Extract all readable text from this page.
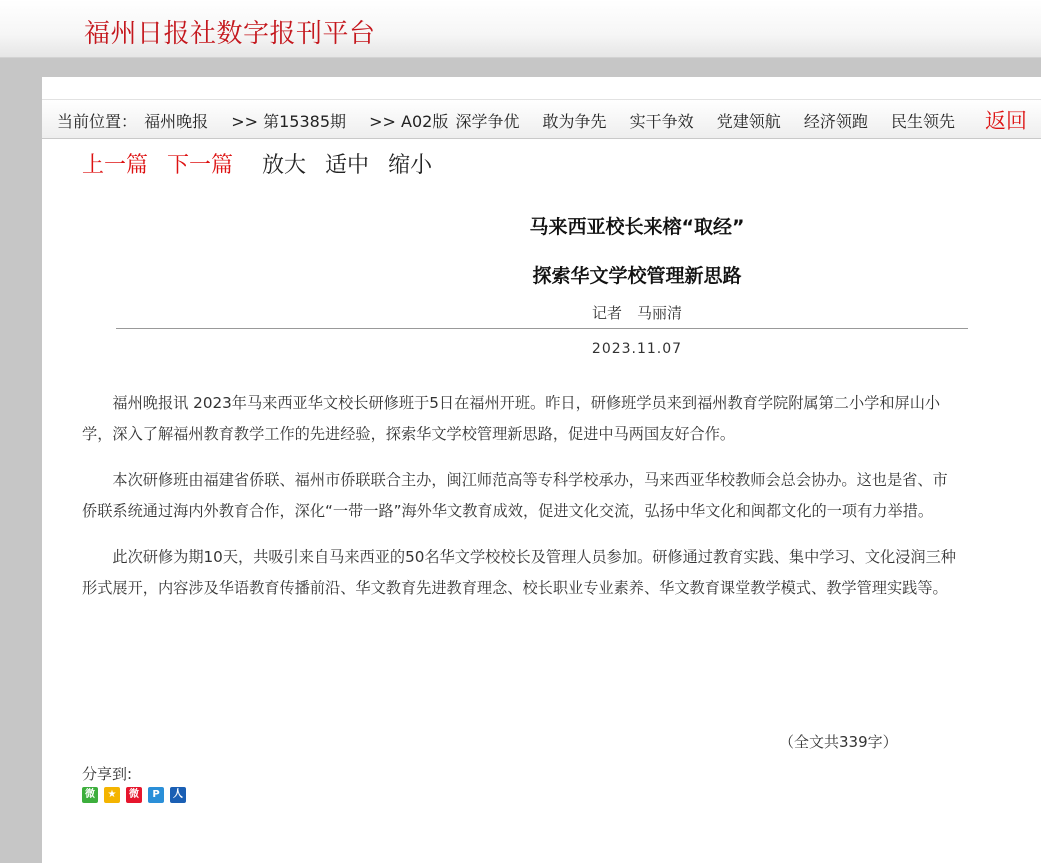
福州日报社数字报刊平台
当前位置： 福州晚报 >> 第15385期 >> A02版 深学争优 敢为争先 实干争效 党建领航 经济领跑 民生领先 返回
上一篇 下一篇 放大 适中 缩小
马来西亚校长来榕“取经”
探索华文学校管理新思路
记者　马丽清
2023.11.07

福州晚报讯 2023年马来西亚华文校长研修班于5日在福州开班。昨日，研修班学员来到福州教育学院附属第二小学和屏山小学，深入了解福州教育教学工作的先进经验，探索华文学校管理新思路，促进中马两国友好合作。

本次研修班由福建省侨联、福州市侨联联合主办，闽江师范高等专科学校承办，马来西亚华校教师会总会协办。这也是省、市侨联系统通过海内外教育合作，深化“一带一路”海外华文教育成效，促进文化交流，弘扬中华文化和闽都文化的一项有力举措。

此次研修为期10天，共吸引来自马来西亚的50名华文学校校长及管理人员参加。研修通过教育实践、集中学习、文化浸润三种形式展开，内容涉及华语教育传播前沿、华文教育先进教育理念、校长职业专业素养、华文教育课堂教学模式、教学管理实践等。

（全文共339字）
分享到:
微	★	微	P	人
